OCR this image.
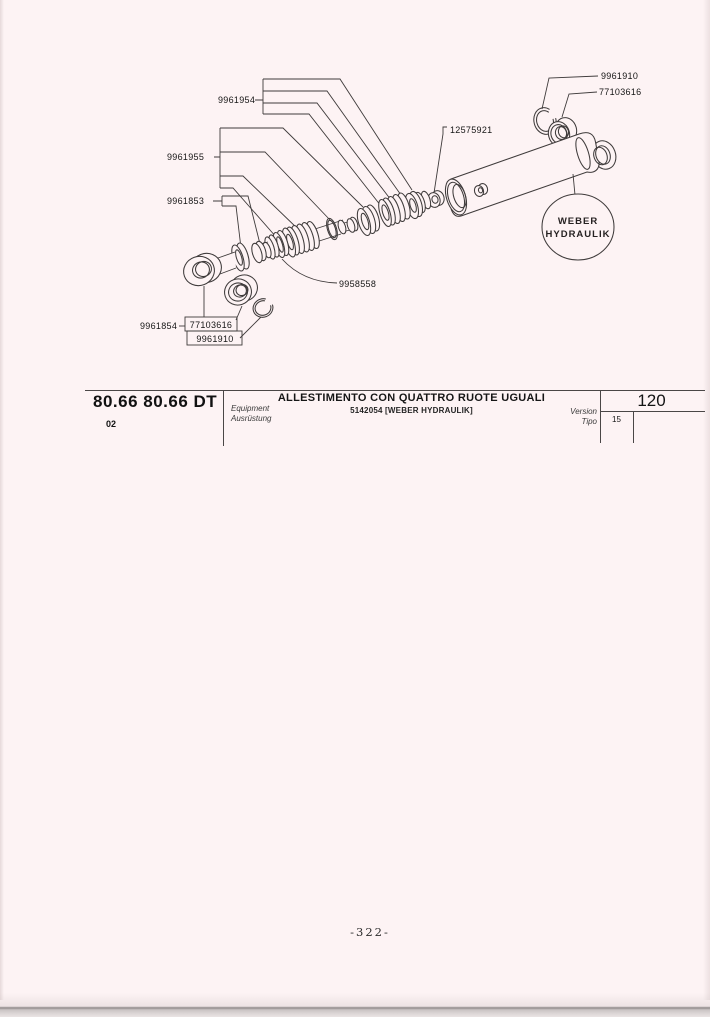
WEBER
HYDRAULIK
9961954
9961955
9961853
12575921
9961910
77103616
9958558
9961854 77103616
9961910
80.66 80.66 DT
02
Equipment
Ausrüstung
ALLESTIMENTO CON QUATTRO RUOTE UGUALI
5142054 [WEBER HYDRAULIK]	Version
Tipo
120
15
-322-
